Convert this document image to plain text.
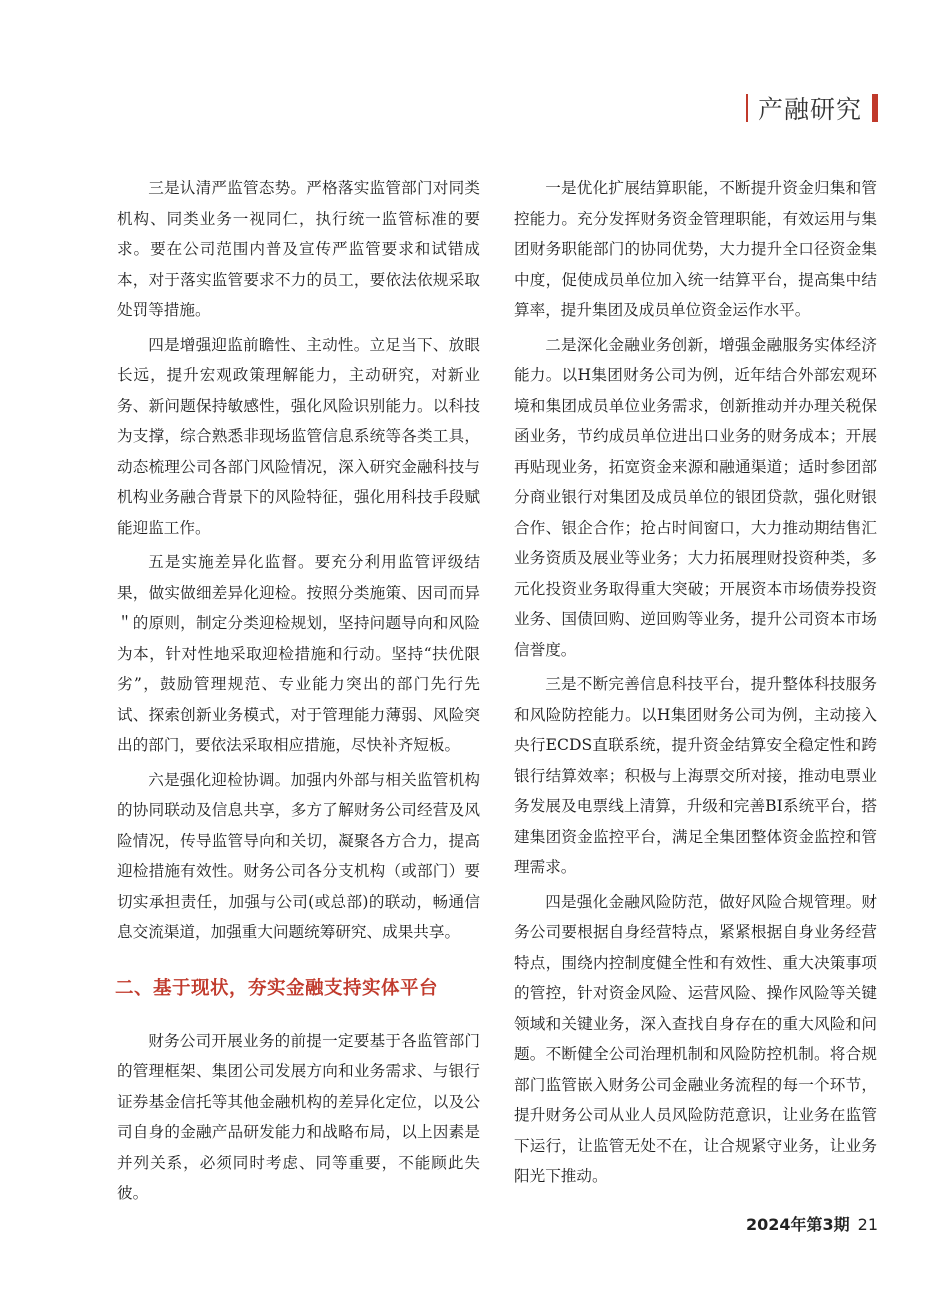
产融研究

三是认清严监管态势。严格落实监管部门对同类机构、同类业务一视同仁，执行统一监管标准的要求。要在公司范围内普及宣传严监管要求和试错成本，对于落实监管要求不力的员工，要依法依规采取处罚等措施。

四是增强迎监前瞻性、主动性。立足当下、放眼长远，提升宏观政策理解能力，主动研究，对新业务、新问题保持敏感性，强化风险识别能力。以科技为支撑，综合熟悉非现场监管信息系统等各类工具，动态梳理公司各部门风险情况，深入研究金融科技与机构业务融合背景下的风险特征，强化用科技手段赋能迎监工作。

五是实施差异化监督。要充分利用监管评级结果，做实做细差异化迎检。按照分类施策、因司而异＂的原则，制定分类迎检规划，坚持问题导向和风险为本，针对性地采取迎检措施和行动。坚持“扶优限劣”，鼓励管理规范、专业能力突出的部门先行先试、探索创新业务模式，对于管理能力薄弱、风险突出的部门，要依法采取相应措施，尽快补齐短板。

六是强化迎检协调。加强内外部与相关监管机构的协同联动及信息共享，多方了解财务公司经营及风险情况，传导监管导向和关切，凝聚各方合力，提高迎检措施有效性。财务公司各分支机构（或部门）要切实承担责任，加强与公司(或总部)的联动，畅通信息交流渠道，加强重大问题统筹研究、成果共享。

二、基于现状，夯实金融支持实体平台

财务公司开展业务的前提一定要基于各监管部门的管理框架、集团公司发展方向和业务需求、与银行证券基金信托等其他金融机构的差异化定位，以及公司自身的金融产品研发能力和战略布局，以上因素是并列关系，必须同时考虑、同等重要，不能顾此失彼。

一是优化扩展结算职能，不断提升资金归集和管控能力。充分发挥财务资金管理职能，有效运用与集团财务职能部门的协同优势，大力提升全口径资金集中度，促使成员单位加入统一结算平台，提高集中结算率，提升集团及成员单位资金运作水平。

二是深化金融业务创新，增强金融服务实体经济能力。以H集团财务公司为例，近年结合外部宏观环境和集团成员单位业务需求，创新推动并办理关税保函业务，节约成员单位进出口业务的财务成本；开展再贴现业务，拓宽资金来源和融通渠道；适时参团部分商业银行对集团及成员单位的银团贷款，强化财银合作、银企合作；抢占时间窗口，大力推动期结售汇业务资质及展业等业务；大力拓展理财投资种类，多元化投资业务取得重大突破；开展资本市场债券投资业务、国债回购、逆回购等业务，提升公司资本市场信誉度。

三是不断完善信息科技平台，提升整体科技服务和风险防控能力。以H集团财务公司为例，主动接入央行ECDS直联系统，提升资金结算安全稳定性和跨银行结算效率；积极与上海票交所对接，推动电票业务发展及电票线上清算，升级和完善BI系统平台，搭建集团资金监控平台，满足全集团整体资金监控和管理需求。

四是强化金融风险防范，做好风险合规管理。财务公司要根据自身经营特点，紧紧根据自身业务经营特点，围绕内控制度健全性和有效性、重大决策事项的管控，针对资金风险、运营风险、操作风险等关键领域和关键业务，深入查找自身存在的重大风险和问题。不断健全公司治理机制和风险防控机制。将合规部门监管嵌入财务公司金融业务流程的每一个环节，提升财务公司从业人员风险防范意识，让业务在监管下运行，让监管无处不在，让合规紧守业务，让业务阳光下推动。

2024年第3期 21
